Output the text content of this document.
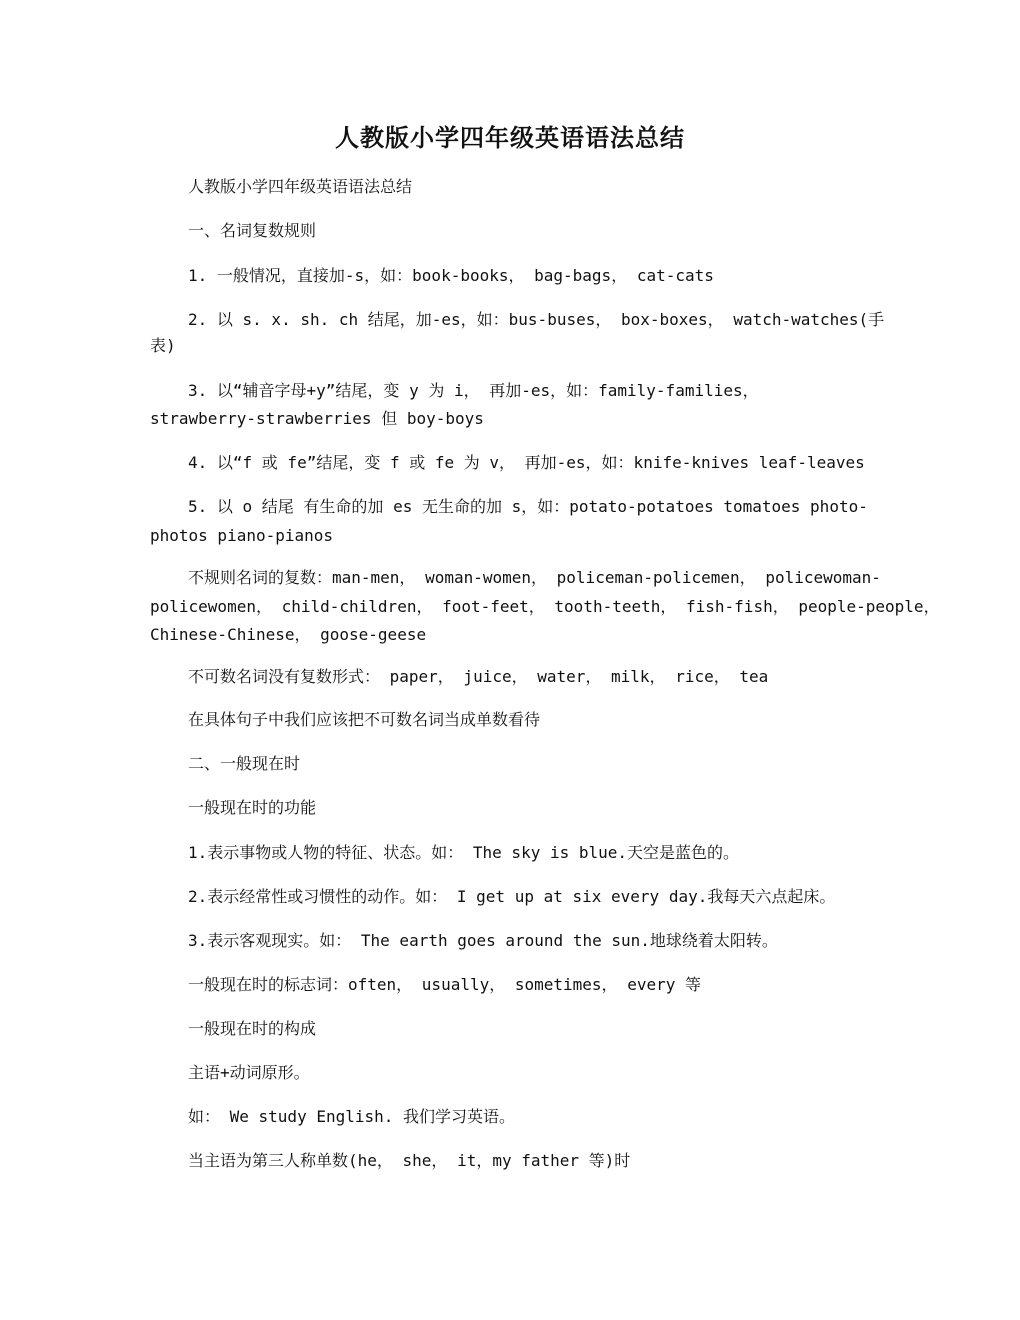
人教版小学四年级英语语法总结
人教版小学四年级英语语法总结
一、名词复数规则
1. 一般情况，直接加-s，如：book-books， bag-bags， cat-cats
2. 以 s. x. sh. ch 结尾，加-es，如：bus-buses， box-boxes， watch-watches(手
表)
3. 以“辅音字母+y”结尾，变 y 为 i， 再加-es，如：family-families，
strawberry-strawberries 但 boy-boys
4. 以“f 或 fe”结尾，变 f 或 fe 为 v， 再加-es，如：knife-knives leaf-leaves
5. 以 o 结尾 有生命的加 es 无生命的加 s，如：potato-potatoes tomatoes photo-
photos piano-pianos
不规则名词的复数：man-men， woman-women， policeman-policemen， policewoman-
policewomen， child-children， foot-feet， tooth-teeth， fish-fish， people-people，
Chinese-Chinese， goose-geese
不可数名词没有复数形式： paper， juice， water， milk， rice， tea
在具体句子中我们应该把不可数名词当成单数看待
二、一般现在时
一般现在时的功能
1.表示事物或人物的特征、状态。如： The sky is blue.天空是蓝色的。
2.表示经常性或习惯性的动作。如： I get up at six every day.我每天六点起床。
3.表示客观现实。如： The earth goes around the sun.地球绕着太阳转。
一般现在时的标志词：often， usually， sometimes， every 等
一般现在时的构成
主语+动词原形。
如： We study English. 我们学习英语。
当主语为第三人称单数(he， she， it，my father 等)时
